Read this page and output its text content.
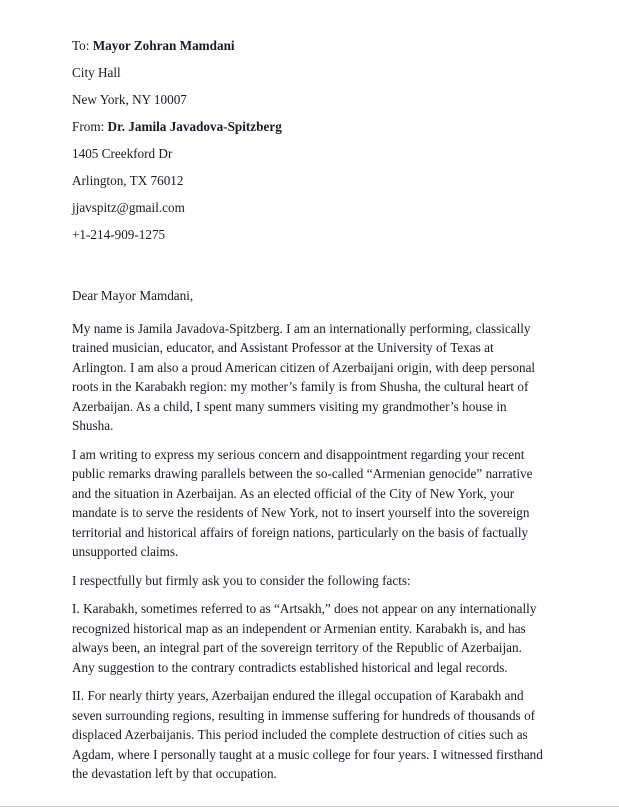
To: Mayor Zohran Mamdani

City Hall

New York, NY 10007

From: Dr. Jamila Javadova-Spitzberg

1405 Creekford Dr

Arlington, TX 76012

jjavspitz@gmail.com

+1-214-909-1275

Dear Mayor Mamdani,

My name is Jamila Javadova-Spitzberg. I am an internationally performing, classically trained musician, educator, and Assistant Professor at the University of Texas at Arlington. I am also a proud American citizen of Azerbaijani origin, with deep personal roots in the Karabakh region: my mother’s family is from Shusha, the cultural heart of Azerbaijan. As a child, I spent many summers visiting my grandmother’s house in Shusha.

I am writing to express my serious concern and disappointment regarding your recent public remarks drawing parallels between the so-called “Armenian genocide” narrative and the situation in Azerbaijan. As an elected official of the City of New York, your mandate is to serve the residents of New York, not to insert yourself into the sovereign territorial and historical affairs of foreign nations, particularly on the basis of factually unsupported claims.

I respectfully but firmly ask you to consider the following facts:

I. Karabakh, sometimes referred to as “Artsakh,” does not appear on any internationally recognized historical map as an independent or Armenian entity. Karabakh is, and has always been, an integral part of the sovereign territory of the Republic of Azerbaijan. Any suggestion to the contrary contradicts established historical and legal records.

II. For nearly thirty years, Azerbaijan endured the illegal occupation of Karabakh and seven surrounding regions, resulting in immense suffering for hundreds of thousands of displaced Azerbaijanis. This period included the complete destruction of cities such as Agdam, where I personally taught at a music college for four years. I witnessed firsthand the devastation left by that occupation.
